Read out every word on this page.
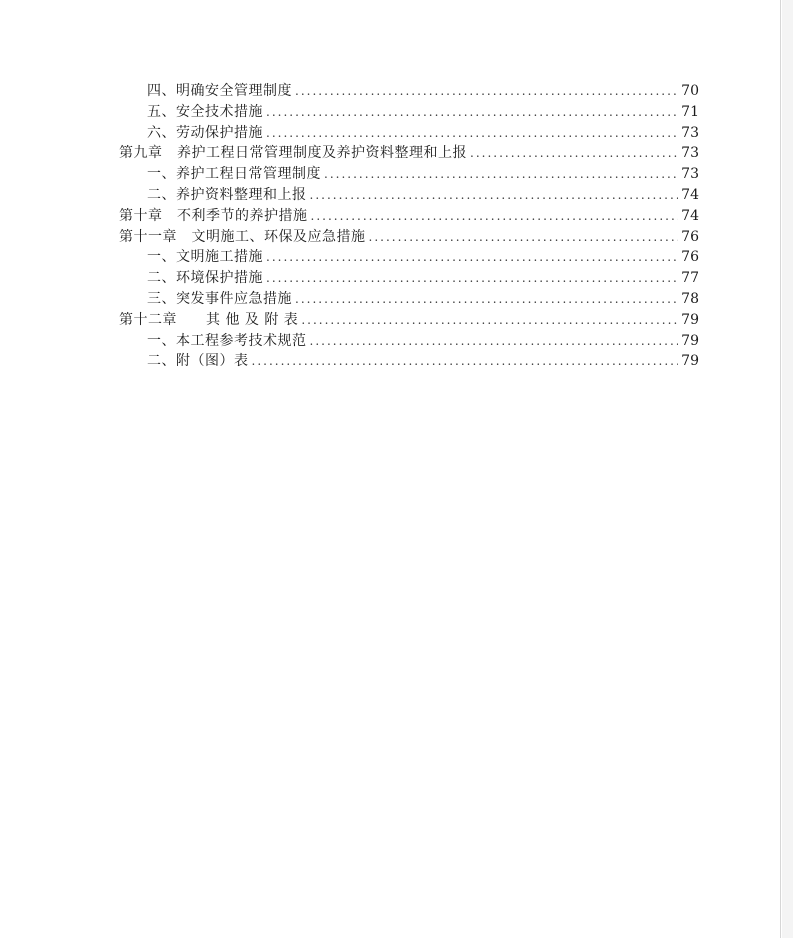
四、明确安全管理制度 .....	70
五、安全技术措施 .....	71
六、劳动保护措施 .....	73
第九章　养护工程日常管理制度及养护资料整理和上报 .....	73
一、养护工程日常管理制度 .....	73
二、养护资料整理和上报 .....	74
第十章　不利季节的养护措施 .....	74
第十一章　文明施工、环保及应急措施 .....	76
一、文明施工措施 .....	76
二、环境保护措施 .....	77
三、突发事件应急措施 .....	78
第十二章　　其 他 及 附 表 .....	79
一、本工程参考技术规范 .....	79
二、附（图）表 .....	79
